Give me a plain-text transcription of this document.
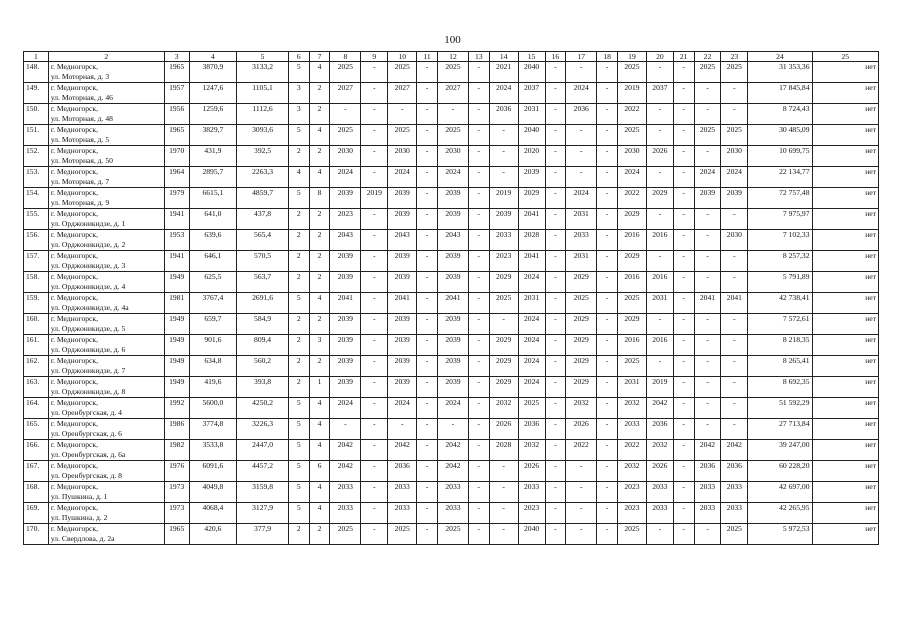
100
1	2	3	4	5	6	7	8	9	10	11	12	13	14	15	16	17	18	19	20	21	22	23	24	25
148.	г. Медногорск,
ул. Моторная, д. 3	1965	3870,9	3133,2	5	4	2025	-	2025	-	2025	-	2021	2040	-	-	-	2025	-	-	2025	2025	31 353,36	нет
149.	г. Медногорск,
ул. Моторная, д. 46	1957	1247,6	1105,1	3	2	2027	-	2027	-	2027	-	2024	2037	-	2024	-	2019	2037	-	-	-	17 845,84	нет
150.	г. Медногорск,
ул. Моторная, д. 48	1956	1259,6	1112,6	3	2	-	-	-	-	-	-	2036	2031	-	2036	-	2022	-	-	-	-	8 724,43	нет
151.	г. Медногорск,
ул. Моторная, д. 5	1965	3829,7	3093,6	5	4	2025	-	2025	-	2025	-	-	2040	-	-	-	2025	-	-	2025	2025	30 485,09	нет
152.	г. Медногорск,
ул. Моторная, д. 50	1970	431,9	392,5	2	2	2030	-	2030	-	2030	-	-	2020	-	-	-	2030	2026	-	-	2030	10 699,75	нет
153.	г. Медногорск,
ул. Моторная, д. 7	1964	2895,7	2263,3	4	4	2024	-	2024	-	2024	-	-	2039	-	-	-	2024	-	-	2024	2024	22 134,77	нет
154.	г. Медногорск,
ул. Моторная, д. 9	1979	6615,1	4859,7	5	8	2039	2019	2039	-	2039	-	2019	2029	-	2024	-	2022	2029	-	2039	2039	72 757,48	нет
155.	г. Медногорск,
ул. Орджоникидзе, д. 1	1941	641,0	437,8	2	2	2023	-	2039	-	2039	-	2039	2041	-	2031	-	2029	-	-	-	-	7 975,97	нет
156.	г. Медногорск,
ул. Орджоникидзе, д. 2	1953	639,6	565,4	2	2	2043	-	2043	-	2043	-	2033	2028	-	2033	-	2016	2016	-	-	2030	7 102,33	нет
157.	г. Медногорск,
ул. Орджоникидзе, д. 3	1941	646,1	570,5	2	2	2039	-	2039	-	2039	-	2023	2041	-	2031	-	2029	-	-	-	-	8 257,32	нет
158.	г. Медногорск,
ул. Орджоникидзе, д. 4	1949	625,5	563,7	2	2	2039	-	2039	-	2039	-	2029	2024	-	2029	-	2016	2016	-	-	-	5 791,89	нет
159.	г. Медногорск,
ул. Орджоникидзе, д. 4а	1981	3767,4	2691,6	5	4	2041	-	2041	-	2041	-	2025	2031	-	2025	-	2025	2031	-	2041	2041	42 738,41	нет
160.	г. Медногорск,
ул. Орджоникидзе, д. 5	1949	659,7	584,9	2	2	2039	-	2039	-	2039	-	-	2024	-	2029	-	2029	-	-	-	-	7 572,61	нет
161.	г. Медногорск,
ул. Орджоникидзе, д. 6	1949	901,6	809,4	2	3	2039	-	2039	-	2039	-	2029	2024	-	2029	-	2016	2016	-	-	-	8 218,35	нет
162.	г. Медногорск,
ул. Орджоникидзе, д. 7	1949	634,8	560,2	2	2	2039	-	2039	-	2039	-	2029	2024	-	2029	-	2025	-	-	-	-	8 265,41	нет
163.	г. Медногорск,
ул. Орджоникидзе, д. 8	1949	419,6	393,8	2	1	2039	-	2039	-	2039	-	2029	2024	-	2029	-	2031	2019	-	-	-	8 692,35	нет
164.	г. Медногорск,
ул. Оренбургская, д. 4	1992	5600,0	4250,2	5	4	2024	-	2024	-	2024	-	2032	2025	-	2032	-	2032	2042	-	-	-	51 592,29	нет
165.	г. Медногорск,
ул. Оренбургская, д. 6	1986	3774,8	3226,3	5	4	-	-	-	-	-	-	2026	2036	-	2026	-	2033	2036	-	-	-	27 713,84	нет
166.	г. Медногорск,
ул. Оренбургская, д. 6а	1982	3533,8	2447,0	5	4	2042	-	2042	-	2042	-	2028	2032	-	2022	-	2022	2032	-	2042	2042	39 247,00	нет
167.	г. Медногорск,
ул. Оренбургская, д. 8	1976	6091,6	4457,2	5	6	2042	-	2036	-	2042	-	-	2026	-	-	-	2032	2026	-	2036	2036	60 228,20	нет
168.	г. Медногорск,
ул. Пушкина, д. 1	1973	4049,8	3159,8	5	4	2033	-	2033	-	2033	-	-	2033	-	-	-	2023	2033	-	2033	2033	42 697,00	нет
169.	г. Медногорск,
ул. Пушкина, д. 2	1973	4068,4	3127,9	5	4	2033	-	2033	-	2033	-	-	2023	-	-	-	2023	2033	-	2033	2033	42 265,95	нет
170.	г. Медногорск,
ул. Свердлова, д. 2а	1965	420,6	377,9	2	2	2025	-	2025	-	2025	-	-	2040	-	-	-	2025	-	-	-	2025	5 972,53	нет
